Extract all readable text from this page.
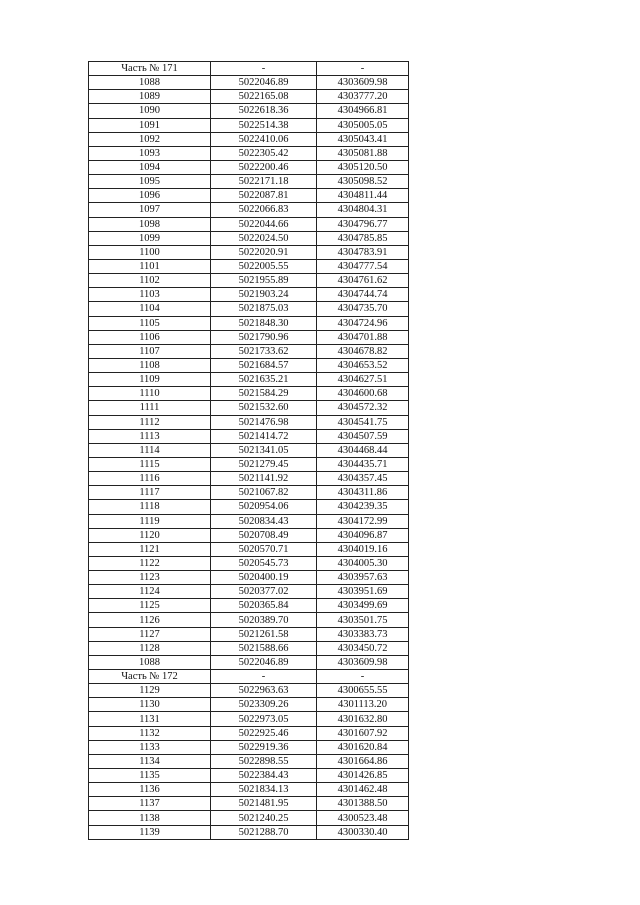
Часть № 171	-	-
1088	5022046.89	4303609.98
1089	5022165.08	4303777.20
1090	5022618.36	4304966.81
1091	5022514.38	4305005.05
1092	5022410.06	4305043.41
1093	5022305.42	4305081.88
1094	5022200.46	4305120.50
1095	5022171.18	4305098.52
1096	5022087.81	4304811.44
1097	5022066.83	4304804.31
1098	5022044.66	4304796.77
1099	5022024.50	4304785.85
1100	5022020.91	4304783.91
1101	5022005.55	4304777.54
1102	5021955.89	4304761.62
1103	5021903.24	4304744.74
1104	5021875.03	4304735.70
1105	5021848.30	4304724.96
1106	5021790.96	4304701.88
1107	5021733.62	4304678.82
1108	5021684.57	4304653.52
1109	5021635.21	4304627.51
1110	5021584.29	4304600.68
1111	5021532.60	4304572.32
1112	5021476.98	4304541.75
1113	5021414.72	4304507.59
1114	5021341.05	4304468.44
1115	5021279.45	4304435.71
1116	5021141.92	4304357.45
1117	5021067.82	4304311.86
1118	5020954.06	4304239.35
1119	5020834.43	4304172.99
1120	5020708.49	4304096.87
1121	5020570.71	4304019.16
1122	5020545.73	4304005.30
1123	5020400.19	4303957.63
1124	5020377.02	4303951.69
1125	5020365.84	4303499.69
1126	5020389.70	4303501.75
1127	5021261.58	4303383.73
1128	5021588.66	4303450.72
1088	5022046.89	4303609.98
Часть № 172	-	-
1129	5022963.63	4300655.55
1130	5023309.26	4301113.20
1131	5022973.05	4301632.80
1132	5022925.46	4301607.92
1133	5022919.36	4301620.84
1134	5022898.55	4301664.86
1135	5022384.43	4301426.85
1136	5021834.13	4301462.48
1137	5021481.95	4301388.50
1138	5021240.25	4300523.48
1139	5021288.70	4300330.40
